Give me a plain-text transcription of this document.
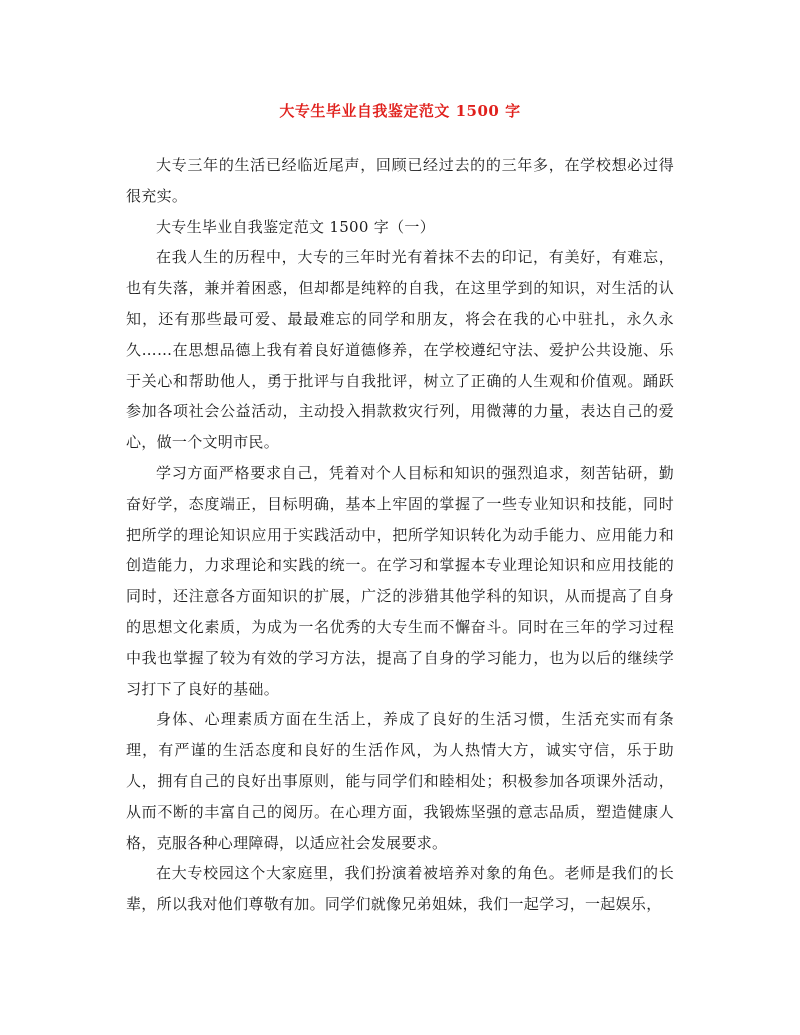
大专生毕业自我鉴定范文 1500 字

大专三年的生活已经临近尾声，回顾已经过去的的三年多，在学校想必过得很充实。

大专生毕业自我鉴定范文 1500 字（一）

在我人生的历程中，大专的三年时光有着抹不去的印记，有美好，有难忘，也有失落，兼并着困惑，但却都是纯粹的自我，在这里学到的知识，对生活的认知，还有那些最可爱、最最难忘的同学和朋友，将会在我的心中驻扎，永久永久……在思想品德上我有着良好道德修养，在学校遵纪守法、爱护公共设施、乐于关心和帮助他人，勇于批评与自我批评，树立了正确的人生观和价值观。踊跃参加各项社会公益活动，主动投入捐款救灾行列，用微薄的力量，表达自己的爱心，做一个文明市民。

学习方面严格要求自己，凭着对个人目标和知识的强烈追求，刻苦钻研，勤奋好学，态度端正，目标明确，基本上牢固的掌握了一些专业知识和技能，同时把所学的理论知识应用于实践活动中，把所学知识转化为动手能力、应用能力和创造能力，力求理论和实践的统一。在学习和掌握本专业理论知识和应用技能的同时，还注意各方面知识的扩展，广泛的涉猎其他学科的知识，从而提高了自身的思想文化素质，为成为一名优秀的大专生而不懈奋斗。同时在三年的学习过程中我也掌握了较为有效的学习方法，提高了自身的学习能力，也为以后的继续学习打下了良好的基础。

身体、心理素质方面在生活上，养成了良好的生活习惯，生活充实而有条理，有严谨的生活态度和良好的生活作风，为人热情大方，诚实守信，乐于助人，拥有自己的良好出事原则，能与同学们和睦相处；积极参加各项课外活动，从而不断的丰富自己的阅历。在心理方面，我锻炼坚强的意志品质，塑造健康人格，克服各种心理障碍，以适应社会发展要求。

在大专校园这个大家庭里，我们扮演着被培养对象的角色。老师是我们的长辈，所以我对他们尊敬有加。同学们就像兄弟姐妹，我们一起学习，一起娱乐，
